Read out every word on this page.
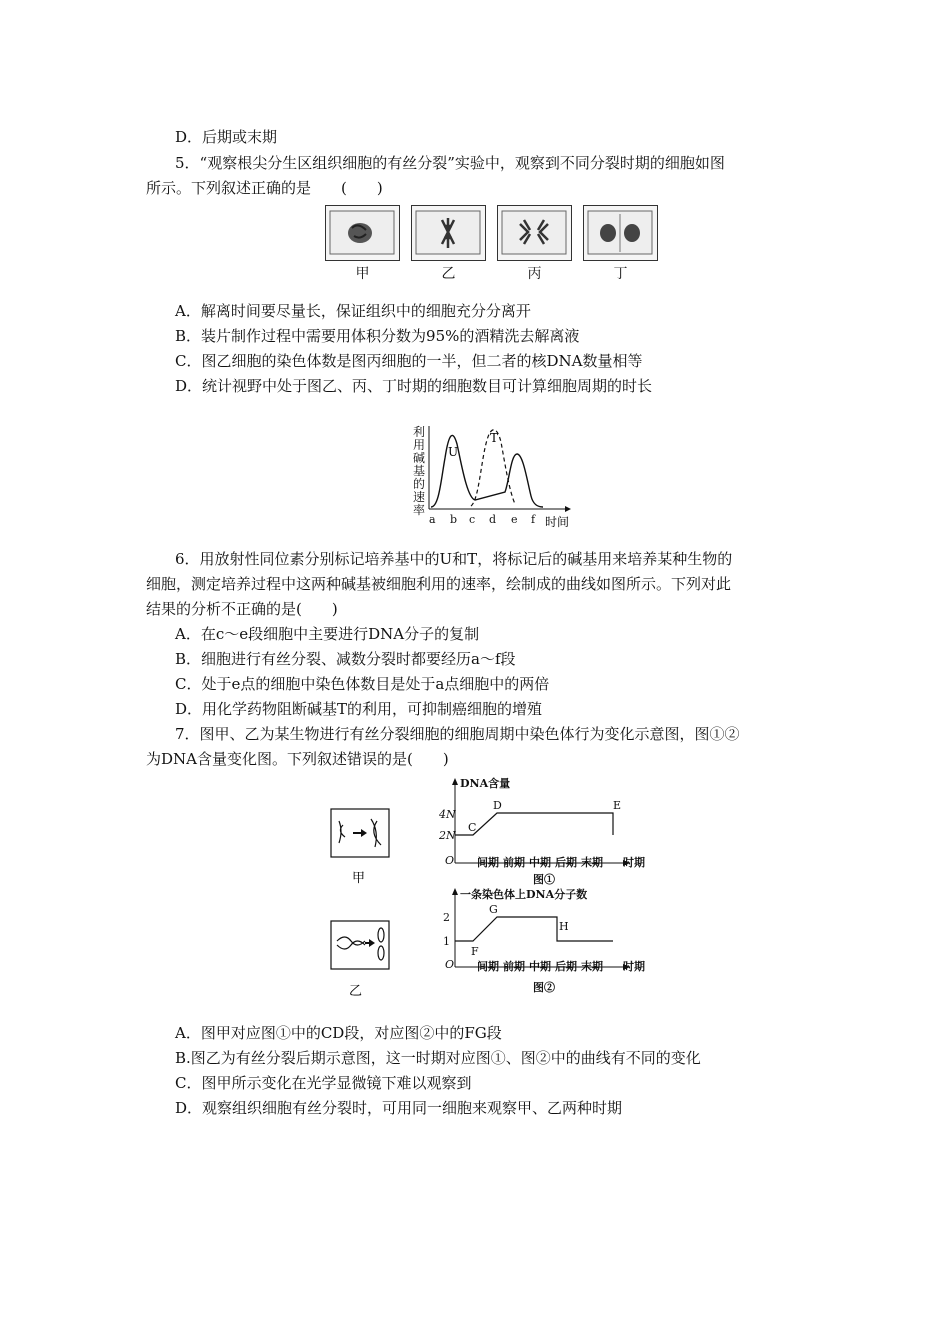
D．后期或末期
5．“观察根尖分生区组织细胞的有丝分裂”实验中，观察到不同分裂时期的细胞如图
所示。下列叙述正确的是　　(　　)
甲	乙	丙	丁
A．解离时间要尽量长，保证组织中的细胞充分分离开
B．装片制作过程中需要用体积分数为95%的酒精洗去解离液
C．图乙细胞的染色体数是图丙细胞的一半，但二者的核DNA数量相等
D．统计视野中处于图乙、丙、丁时期的细胞数目可计算细胞周期的时长
利
用
碱
基
的
速
率
U
T
a b c d e f 时间
6．用放射性同位素分别标记培养基中的U和T，将标记后的碱基用来培养某种生物的
细胞，测定培养过程中这两种碱基被细胞利用的速率，绘制成的曲线如图所示。下列对此
结果的分析不正确的是(　　)
A．在c～e段细胞中主要进行DNA分子的复制
B．细胞进行有丝分裂、减数分裂时都要经历a～f段
C．处于e点的细胞中染色体数目是处于a点细胞中的两倍
D．用化学药物阻断碱基T的利用，可抑制癌细胞的增殖
7．图甲、乙为某生物进行有丝分裂细胞的细胞周期中染色体行为变化示意图，图①②
为DNA含量变化图。下列叙述错误的是(　　)
甲
乙
DNA含量
4N
2N
O
C
D	E
间期 前期 中期 后期 末期 时期
图①
一条染色体上DNA分子数
2
1
O
F
G
H
间期 前期 中期 后期 末期 时期
图②
A．图甲对应图①中的CD段，对应图②中的FG段
B.图乙为有丝分裂后期示意图，这一时期对应图①、图②中的曲线有不同的变化
C．图甲所示变化在光学显微镜下难以观察到
D．观察组织细胞有丝分裂时，可用同一细胞来观察甲、乙两种时期
